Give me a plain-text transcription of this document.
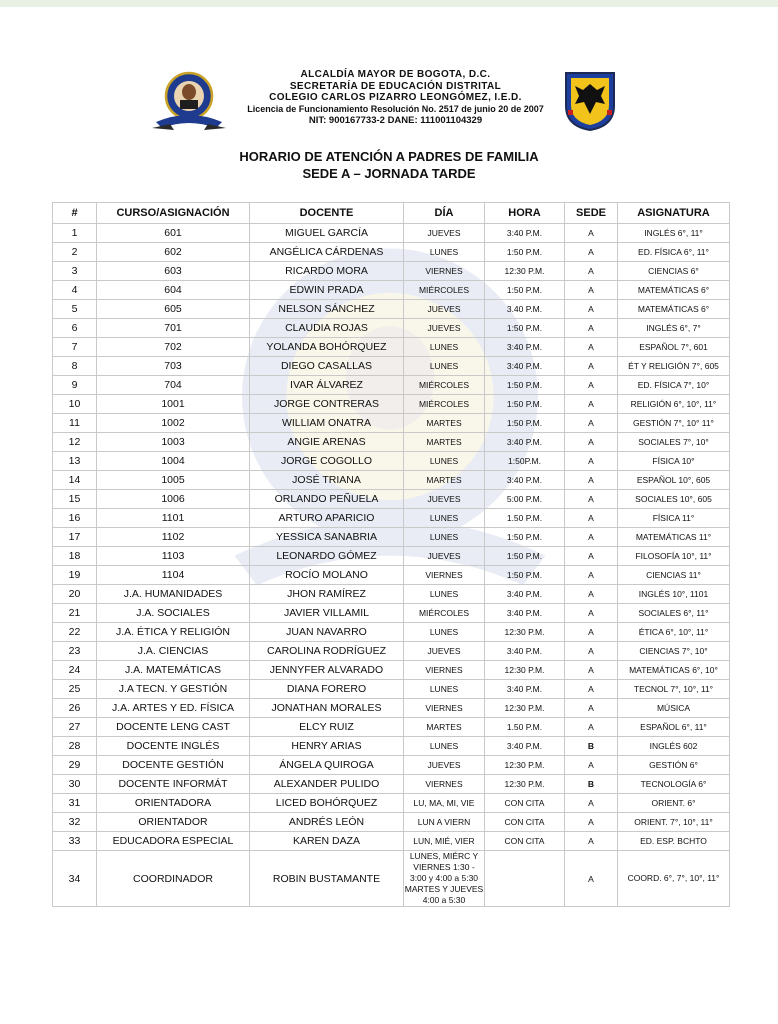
ALCALDÍA MAYOR DE BOGOTA, D.C.
SECRETARÍA DE EDUCACIÓN DISTRITAL
COLEGIO CARLOS PIZARRO LEONGÓMEZ, I.E.D.
Licencia de Funcionamiento Resolución No. 2517 de junio 20 de 2007
NIT: 900167733-2 DANE: 111001104329
HORARIO DE ATENCIÓN A PADRES DE FAMILIA
SEDE A – JORNADA TARDE
#	CURSO/ASIGNACIÓN	DOCENTE	DÍA	HORA	SEDE	ASIGNATURA
1	601	MIGUEL GARCÍA	JUEVES	3:40 P.M.	A	INGLÉS 6°, 11°
2	602	ANGÉLICA CÁRDENAS	LUNES	1:50 P.M.	A	ED. FÍSICA 6°, 11°
3	603	RICARDO MORA	VIERNES	12:30 P.M.	A	CIENCIAS 6°
4	604	EDWIN PRADA	MIÉRCOLES	1:50 P.M.	A	MATEMÁTICAS 6°
5	605	NELSON SÁNCHEZ	JUEVES	3.40 P.M.	A	MATEMÁTICAS 6°
6	701	CLAUDIA ROJAS	JUEVES	1:50 P.M.	A	INGLÉS 6°, 7°
7	702	YOLANDA BOHÓRQUEZ	LUNES	3:40 P.M.	A	ESPAÑOL 7°, 601
8	703	DIEGO CASALLAS	LUNES	3:40 P.M.	A	ÉT Y RELIGIÓN 7°, 605
9	704	IVAR ÁLVAREZ	MIÉRCOLES	1:50 P.M.	A	ED. FÍSICA 7°, 10°
10	1001	JORGE CONTRERAS	MIÉRCOLES	1:50 P.M.	A	RELIGIÓN 6°, 10°, 11°
11	1002	WILLIAM ONATRA	MARTES	1:50 P.M.	A	GESTIÓN 7°, 10° 11°
12	1003	ANGIE ARENAS	MARTES	3:40 P.M.	A	SOCIALES 7°, 10°
13	1004	JORGE COGOLLO	LUNES	1:50P.M.	A	FÍSICA 10°
14	1005	JOSÉ TRIANA	MARTES	3:40 P.M.	A	ESPAÑOL 10°, 605
15	1006	ORLANDO PEÑUELA	JUEVES	5:00 P.M.	A	SOCIALES 10°, 605
16	1101	ARTURO APARICIO	LUNES	1.50 P.M.	A	FÍSICA 11°
17	1102	YESSICA SANABRIA	LUNES	1:50 P.M.	A	MATEMÁTICAS 11°
18	1103	LEONARDO GÓMEZ	JUEVES	1:50 P.M.	A	FILOSOFÍA 10°, 11°
19	1104	ROCÍO MOLANO	VIERNES	1:50 P.M.	A	CIENCIAS 11°
20	J.A. HUMANIDADES	JHON RAMÍREZ	LUNES	3:40 P.M.	A	INGLÉS 10°, 1101
21	J.A. SOCIALES	JAVIER VILLAMIL	MIÉRCOLES	3:40 P.M.	A	SOCIALES 6°, 11°
22	J.A. ÉTICA Y RELIGIÓN	JUAN NAVARRO	LUNES	12:30 P.M.	A	ÉTICA 6°, 10°, 11°
23	J.A. CIENCIAS	CAROLINA RODRÍGUEZ	JUEVES	3:40 P.M.	A	CIENCIAS 7°, 10°
24	J.A. MATEMÁTICAS	JENNYFER ALVARADO	VIERNES	12:30 P.M.	A	MATEMÁTICAS 6°, 10°
25	J.A TECN. Y GESTIÓN	DIANA FORERO	LUNES	3:40 P.M.	A	TECNOL 7°, 10°, 11°
26	J.A. ARTES Y ED. FÍSICA	JONATHAN MORALES	VIERNES	12:30 P.M.	A	MÚSICA
27	DOCENTE LENG CAST	ELCY RUIZ	MARTES	1.50 P.M.	A	ESPAÑOL 6°, 11°
28	DOCENTE INGLÉS	HENRY ARIAS	LUNES	3:40 P.M.	B	INGLÉS 602
29	DOCENTE GESTIÓN	ÁNGELA QUIROGA	JUEVES	12:30 P.M.	A	GESTIÓN 6°
30	DOCENTE INFORMÁT	ALEXANDER PULIDO	VIERNES	12:30 P.M.	B	TECNOLOGÍA 6°
31	ORIENTADORA	LICED BOHÓRQUEZ	LU, MA, MI, VIE	CON CITA	A	ORIENT. 6°
32	ORIENTADOR	ANDRÉS LEÓN	LUN A VIERN	CON CITA	A	ORIENT. 7°, 10°, 11°
33	EDUCADORA ESPECIAL	KAREN DAZA	LUN, MIÉ, VIER	CON CITA	A	ED. ESP. BCHTO
34	COORDINADOR	ROBIN BUSTAMANTE	LUNES, MIÉRC Y VIERNES 1:30 - 3:00 y 4:00 a 5:30 MARTES Y JUEVES 4:00 a 5:30		A	COORD. 6°, 7°, 10°, 11°
